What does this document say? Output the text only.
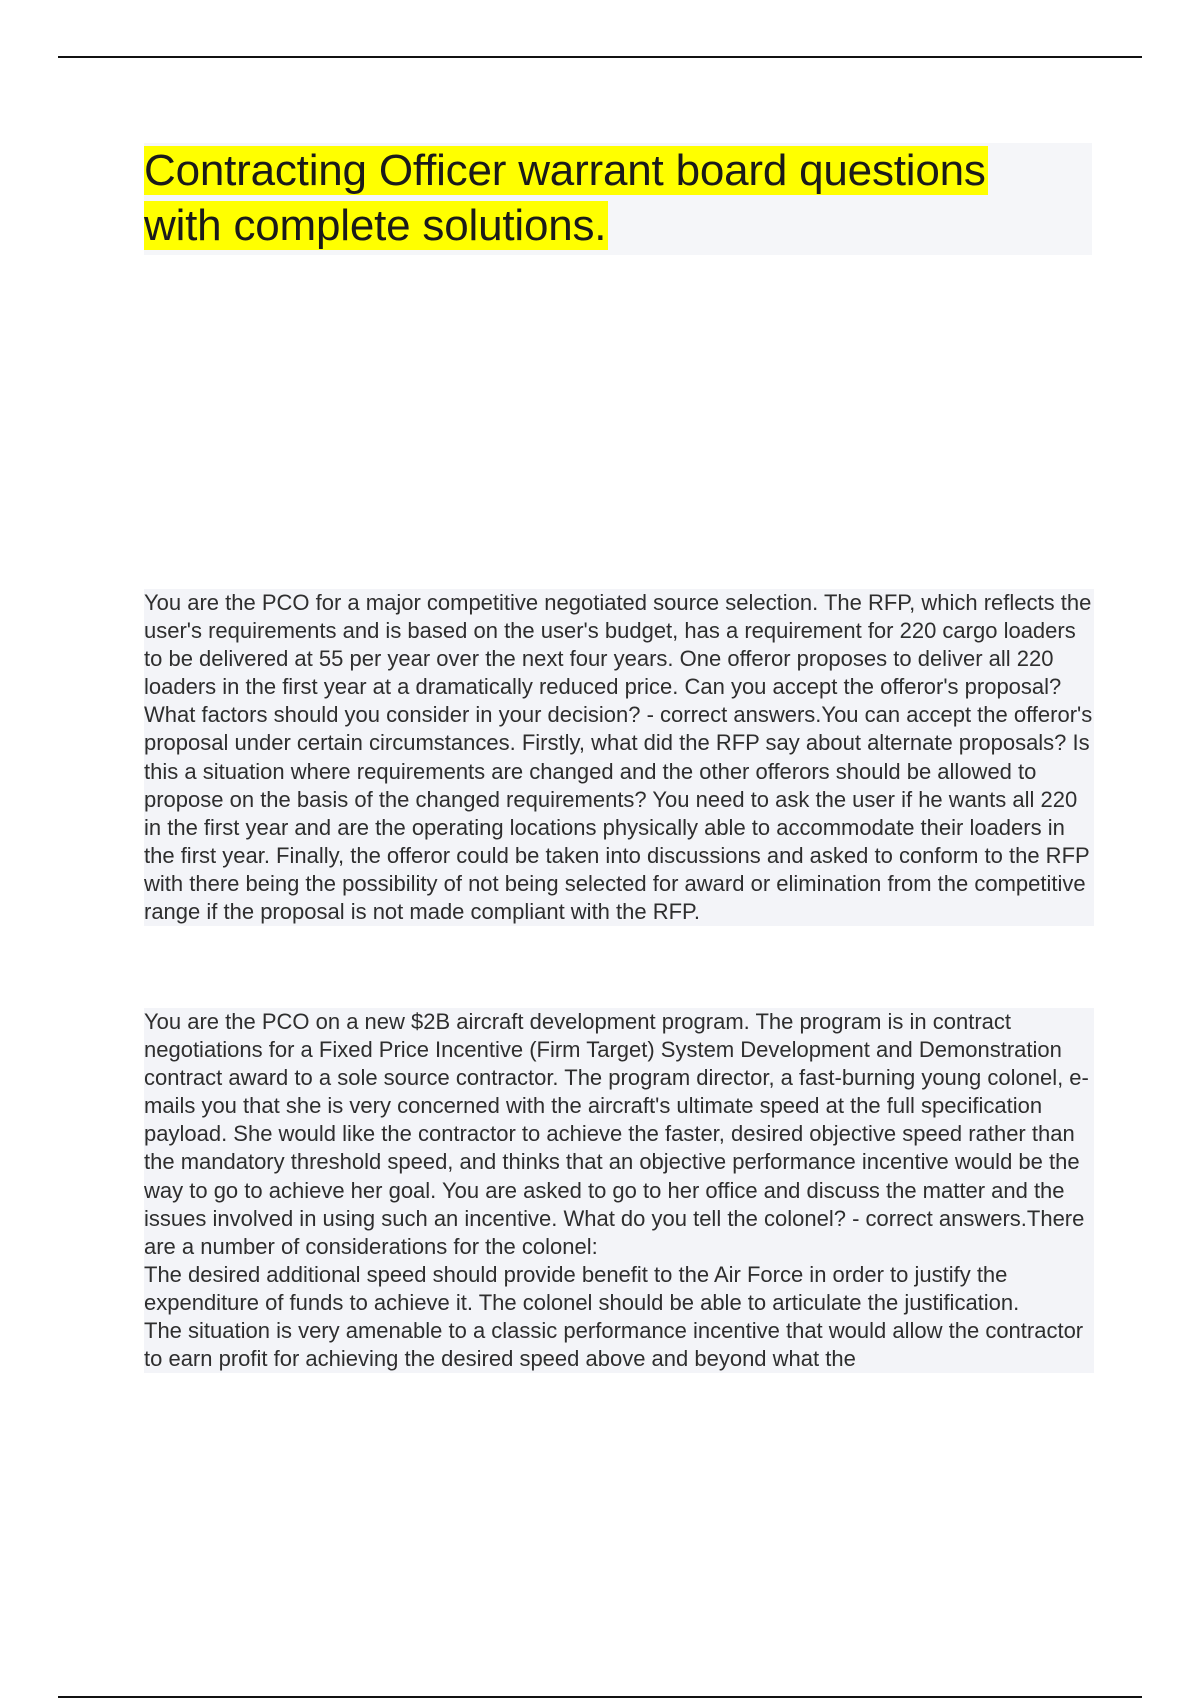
Contracting Officer warrant board questions
with complete solutions.

You are the PCO for a major competitive negotiated source selection. The RFP, which reflects the user's requirements and is based on the user's budget, has a requirement for 220 cargo loaders to be delivered at 55 per year over the next four years. One offeror proposes to deliver all 220 loaders in the first year at a dramatically reduced price. Can you accept the offeror's proposal? What factors should you consider in your decision? - correct answers.You can accept the offeror's proposal under certain circumstances. Firstly, what did the RFP say about alternate proposals? Is this a situation where requirements are changed and the other offerors should be allowed to propose on the basis of the changed requirements? You need to ask the user if he wants all 220 in the first year and are the operating locations physically able to accommodate their loaders in the first year. Finally, the offeror could be taken into discussions and asked to conform to the RFP with there being the possibility of not being selected for award or elimination from the competitive range if the proposal is not made compliant with the RFP.

You are the PCO on a new $2B aircraft development program. The program is in contract negotiations for a Fixed Price Incentive (Firm Target) System Development and Demonstration contract award to a sole source contractor. The program director, a fast-burning young colonel, e-mails you that she is very concerned with the aircraft's ultimate speed at the full specification payload. She would like the contractor to achieve the faster, desired objective speed rather than the mandatory threshold speed, and thinks that an objective performance incentive would be the way to go to achieve her goal. You are asked to go to her office and discuss the matter and the issues involved in using such an incentive. What do you tell the colonel? - correct answers.There are a number of considerations for the colonel:

The desired additional speed should provide benefit to the Air Force in order to justify the expenditure of funds to achieve it. The colonel should be able to articulate the justification.

The situation is very amenable to a classic performance incentive that would allow the contractor to earn profit for achieving the desired speed above and beyond what the
